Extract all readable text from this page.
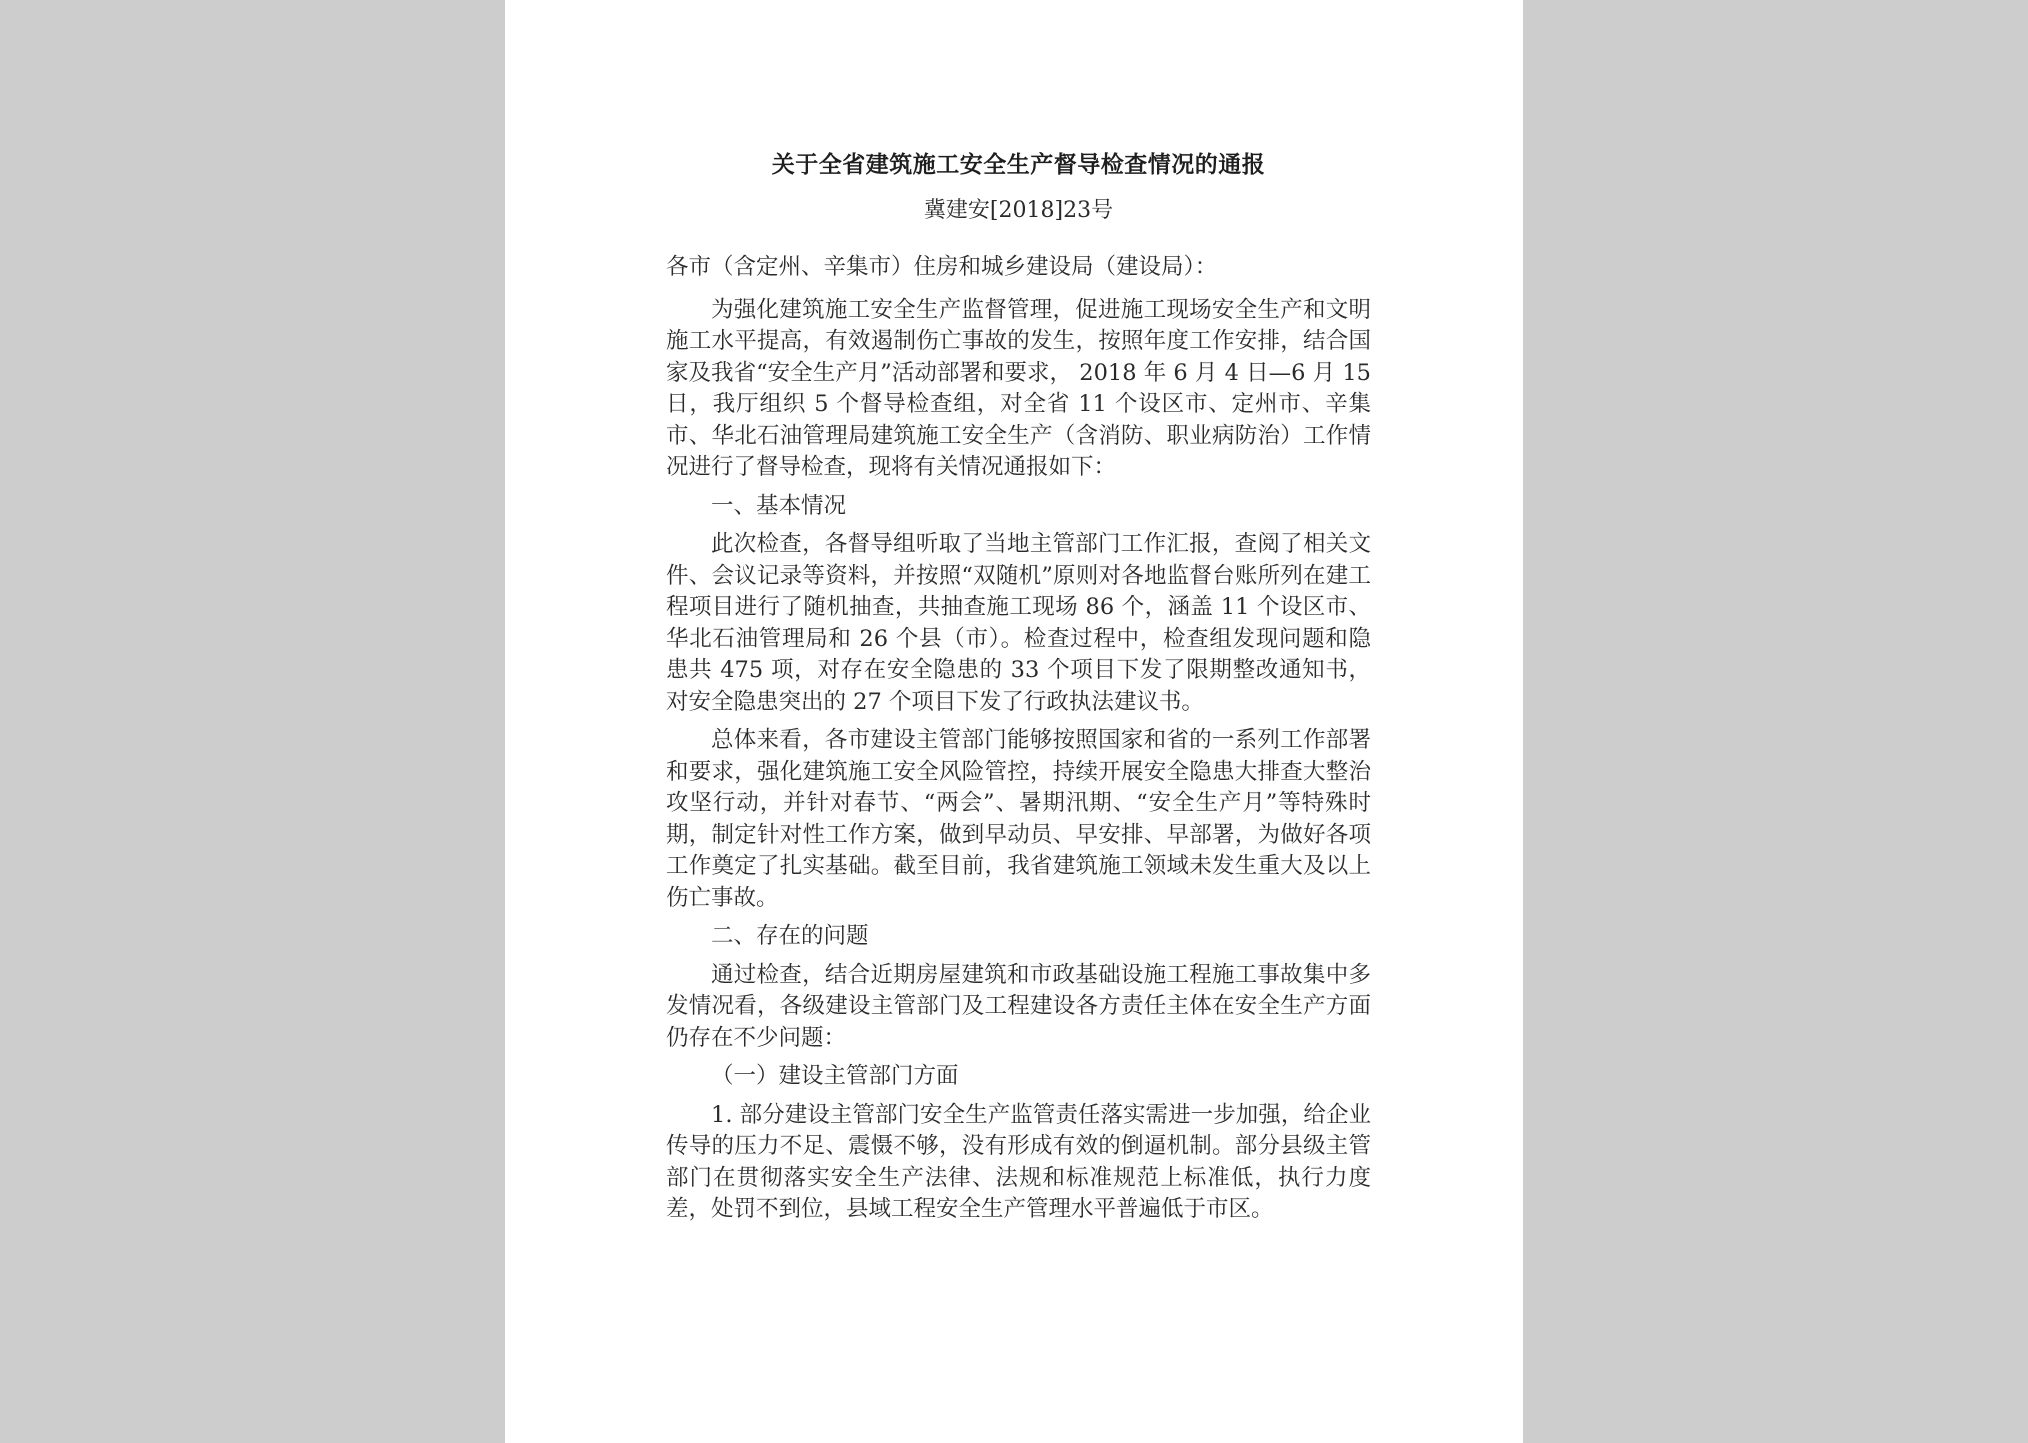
关于全省建筑施工安全生产督导检查情况的通报
冀建安[2018]23号
各市（含定州、辛集市）住房和城乡建设局（建设局）：
为强化建筑施工安全生产监督管理，促进施工现场安全生产和文明施工水平提高，有效遏制伤亡事故的发生，按照年度工作安排，结合国家及我省“安全生产月”活动部署和要求， 2018 年 6 月 4 日—6 月 15 日，我厅组织 5 个督导检查组，对全省 11 个设区市、定州市、辛集市、华北石油管理局建筑施工安全生产（含消防、职业病防治）工作情况进行了督导检查，现将有关情况通报如下：
一、基本情况
此次检查，各督导组听取了当地主管部门工作汇报，查阅了相关文件、会议记录等资料，并按照“双随机”原则对各地监督台账所列在建工程项目进行了随机抽查，共抽查施工现场 86 个，涵盖 11 个设区市、华北石油管理局和 26 个县（市）。检查过程中，检查组发现问题和隐患共 475 项，对存在安全隐患的 33 个项目下发了限期整改通知书，对安全隐患突出的 27 个项目下发了行政执法建议书。
总体来看，各市建设主管部门能够按照国家和省的一系列工作部署和要求，强化建筑施工安全风险管控，持续开展安全隐患大排查大整治攻坚行动，并针对春节、“两会”、暑期汛期、“安全生产月”等特殊时期，制定针对性工作方案，做到早动员、早安排、早部署，为做好各项工作奠定了扎实基础。截至目前，我省建筑施工领域未发生重大及以上伤亡事故。
二、存在的问题
通过检查，结合近期房屋建筑和市政基础设施工程施工事故集中多发情况看，各级建设主管部门及工程建设各方责任主体在安全生产方面仍存在不少问题：
（一）建设主管部门方面
1. 部分建设主管部门安全生产监管责任落实需进一步加强，给企业传导的压力不足、震慑不够，没有形成有效的倒逼机制。部分县级主管部门在贯彻落实安全生产法律、法规和标准规范上标准低，执行力度差，处罚不到位，县域工程安全生产管理水平普遍低于市区。
